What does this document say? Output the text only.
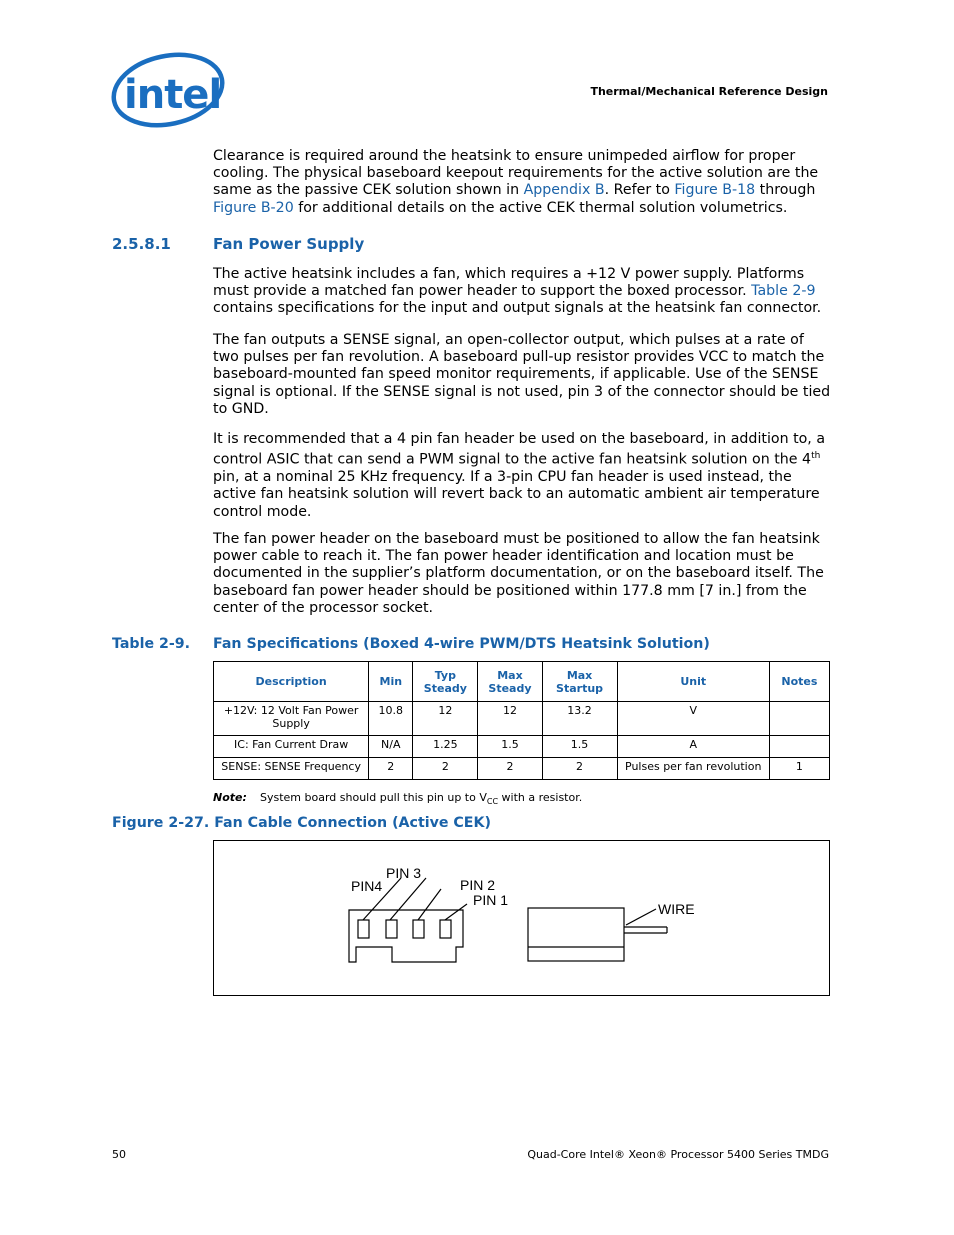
intel	Thermal/Mechanical Reference Design

Clearance is required around the heatsink to ensure unimpeded airflow for proper cooling. The physical baseboard keepout requirements for the active solution are the same as the passive CEK solution shown in Appendix B. Refer to Figure B-18 through Figure B-20 for additional details on the active CEK thermal solution volumetrics.

2.5.8.1	Fan Power Supply

The active heatsink includes a fan, which requires a +12 V power supply. Platforms must provide a matched fan power header to support the boxed processor. Table 2-9 contains specifications for the input and output signals at the heatsink fan connector.

The fan outputs a SENSE signal, an open-collector output, which pulses at a rate of two pulses per fan revolution. A baseboard pull-up resistor provides VCC to match the baseboard-mounted fan speed monitor requirements, if applicable. Use of the SENSE signal is optional. If the SENSE signal is not used, pin 3 of the connector should be tied to GND.

It is recommended that a 4 pin fan header be used on the baseboard, in addition to, a control ASIC that can send a PWM signal to the active fan heatsink solution on the 4th pin, at a nominal 25 KHz frequency. If a 3-pin CPU fan header is used instead, the active fan heatsink solution will revert back to an automatic ambient air temperature control mode.

The fan power header on the baseboard must be positioned to allow the fan heatsink power cable to reach it. The fan power header identification and location must be documented in the supplier’s platform documentation, or on the baseboard itself. The baseboard fan power header should be positioned within 177.8 mm [7 in.] from the center of the processor socket.

Table 2-9. Fan Specifications (Boxed 4-wire PWM/DTS Heatsink Solution)
Description	Min	Typ Steady	Max Steady	Max Startup	Unit	Notes
+12V: 12 Volt Fan Power Supply	10.8	12	12	13.2	V	
IC: Fan Current Draw	N/A	1.25	1.5	1.5	A	
SENSE: SENSE Frequency	2	2	2	2	Pulses per fan revolution	1
Note: System board should pull this pin up to $V_{CC}$ with a resistor.
Figure 2-27. Fan Cable Connection (Active CEK)
PIN4
PIN 3
PIN 2
PIN 1
WIRE
50	Quad-Core Intel® Xeon® Processor 5400 Series TMDG
